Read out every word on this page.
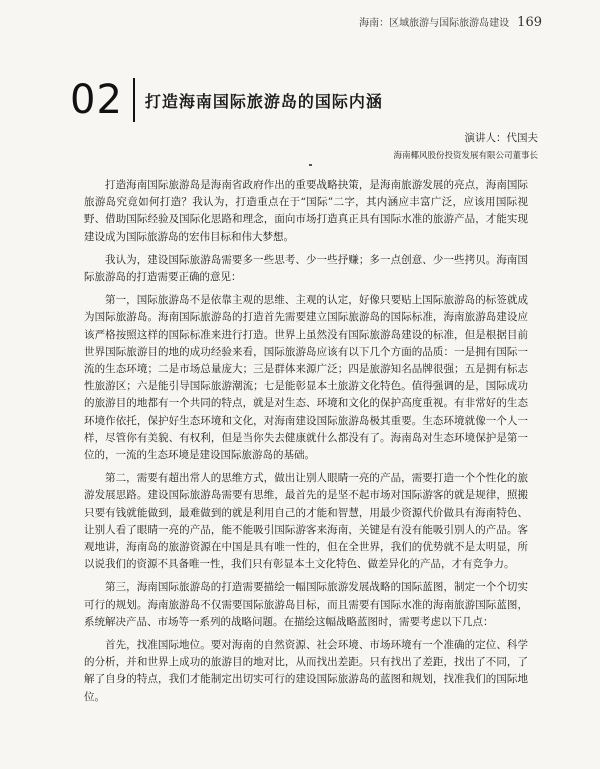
海南：区域旅游与国际旅游岛建设 169
02 打造海南国际旅游岛的国际内涵
演讲人：代国夫
海南椰风股份投资发展有限公司董事长

打造海南国际旅游岛是海南省政府作出的重要战略抉策，是海南旅游发展的亮点，海南国际旅游岛究竟如何打造？我认为，打造重点在于“国际”二字，其内涵应丰富广泛，应该用国际视野、借助国际经验及国际化思路和理念，面向市场打造真正具有国际水准的旅游产品，才能实现建设成为国际旅游岛的宏伟目标和伟大梦想。

我认为，建设国际旅游岛需要多一些思考、少一些抒赚；多一点创意、少一些拷贝。海南国际旅游岛的打造需要正确的意见：

第一，国际旅游岛不是依靠主观的思维、主观的认定，好像只要贴上国际旅游岛的标签就成为国际旅游岛。海南国际旅游岛的打造首先需要建立国际旅游岛的国际标准，海南旅游岛建设应该严格按照这样的国际标准来进行打造。世界上虽然没有国际旅游岛建设的标准，但是根据目前世界国际旅游目的地的成功经验来看，国际旅游岛应该有以下几个方面的品质：一是拥有国际一流的生态环境；二是市场总量庞大；三是群体来源广泛；四是旅游知名品牌很强；五是拥有标志性旅游区；六是能引导国际旅游潮流；七是能彰显本土旅游文化特色。值得强调的是，国际成功的旅游目的地都有一个共同的特点，就是对生态、环境和文化的保护高度重视。有非常好的生态环境作依托，保护好生态环境和文化，对海南建设国际旅游岛极其重要。生态环境就像一个人一样，尽管你有美貌、有权利，但是当你失去健康就什么都没有了。海南岛对生态环境保护是第一位的，一流的生态环境是建设国际旅游岛的基础。

第二，需要有超出常人的思维方式，做出让别人眼睛一亮的产品，需要打造一个个性化的旅游发展思路。建设国际旅游岛需要有思维，最首先的是坚不起市场对国际游客的就是规律，照搬只要有钱就能做到，最难做到的就是利用自己的才能和智慧，用最少资源代价做具有海南特色、让别人看了眼睛一亮的产品，能不能吸引国际游客来海南，关键是有没有能吸引别人的产品。客观地讲，海南岛的旅游资源在中国是具有唯一性的，但在全世界，我们的优势就不是太明显，所以说我们的资源不具备唯一性，我们只有彰显本土文化特色、做差异化的产品，才有竞争力。

第三，海南国际旅游岛的打造需要描绘一幅国际旅游发展战略的国际蓝图，制定一个个切实可行的规划。海南旅游岛不仅需要国际旅游岛目标，而且需要有国际水准的海南旅游国际蓝图，系统解决产品、市场等一系列的战略问题。在描绘这幅战略蓝图时，需要考虑以下几点：

首先，找准国际地位。要对海南的自然资源、社会环境、市场环境有一个准确的定位、科学的分析，并和世界上成功的旅游目的地对比，从而找出差距。只有找出了差距，找出了不同，了解了自身的特点，我们才能制定出切实可行的建设国际旅游岛的蓝图和规划，找准我们的国际地位。
